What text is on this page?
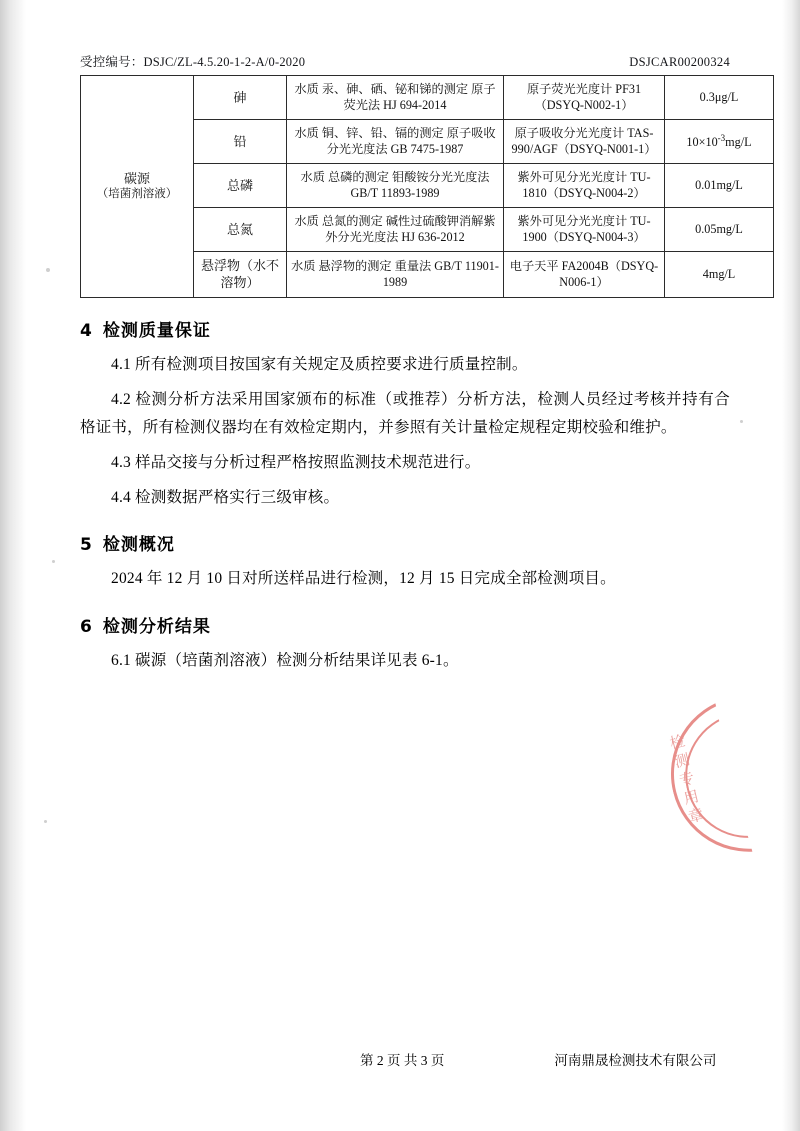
受控编号：DSJC/ZL-4.5.20-1-2-A/0-2020	DSJCAR00200324
碳源
（培菌剂溶液）	砷	水质 汞、砷、硒、铋和锑的测定 原子荧光法 HJ 694-2014	原子荧光光度计 PF31（DSYQ-N002-1）	0.3μg/L
	铅	水质 铜、锌、铅、镉的测定 原子吸收分光光度法 GB 7475-1987	原子吸收分光光度计 TAS-990/AGF（DSYQ-N001-1）	$10\times 10^{-3}mg/L$
	总磷	水质 总磷的测定 钼酸铵分光光度法 GB/T 11893-1989	紫外可见分光光度计 TU-1810（DSYQ-N004-2）	0.01mg/L
	总氮	水质 总氮的测定 碱性过硫酸钾消解紫外分光光度法 HJ 636-2012	紫外可见分光光度计 TU-1900（DSYQ-N004-3）	0.05mg/L
	悬浮物（水不溶物）	水质 悬浮物的测定 重量法 GB/T 11901-1989	电子天平 FA2004B（DSYQ-N006-1）	4mg/L
4 检测质量保证

4.1 所有检测项目按国家有关规定及质控要求进行质量控制。

4.2 检测分析方法采用国家颁布的标准（或推荐）分析方法，检测人员经过考核并持有合格证书，所有检测仪器均在有效检定期内，并参照有关计量检定规程定期校验和维护。

4.3 样品交接与分析过程严格按照监测技术规范进行。

4.4 检测数据严格实行三级审核。

5 检测概况

2024 年 12 月 10 日对所送样品进行检测，12 月 15 日完成全部检测项目。

6 检测分析结果

6.1 碳源（培菌剂溶液）检测分析结果详见表 6-1。

检测专用章
第 2 页 共 3 页	河南鼎晟检测技术有限公司
